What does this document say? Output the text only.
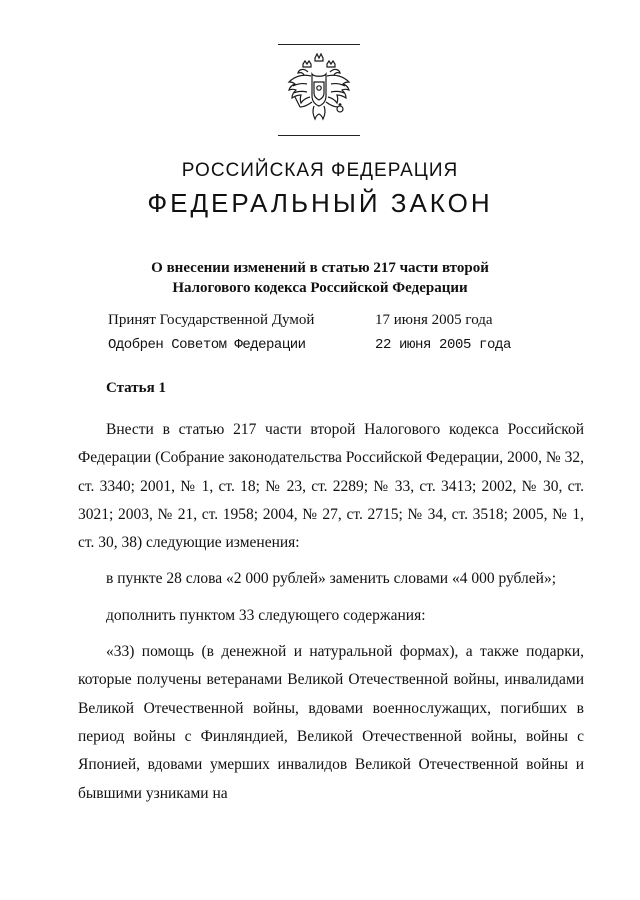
РОССИЙСКАЯ ФЕДЕРАЦИЯ
ФЕДЕРАЛЬНЫЙ ЗАКОН
О внесении изменений в статью 217 части второй
Налогового кодекса Российской Федерации
Принят Государственной Думой	17 июня 2005 года
Одобрен Советом Федерации	22 июня 2005 года
Статья 1

Внести в статью 217 части второй Налогового кодекса Российской Федерации (Собрание законодательства Российской Федерации, 2000, № 32, ст. 3340; 2001, № 1, ст. 18; № 23, ст. 2289; № 33, ст. 3413; 2002, № 30, ст. 3021; 2003, № 21, ст. 1958; 2004, № 27, ст. 2715; № 34, ст. 3518; 2005, № 1, ст. 30, 38) следующие изменения:

в пункте 28 слова «2 000 рублей» заменить словами «4 000 рублей»;

дополнить пунктом 33 следующего содержания:

«33) помощь (в денежной и натуральной формах), а также подарки, которые получены ветеранами Великой Отечественной войны, инвалидами Великой Отечественной войны, вдовами военнослужащих, погибших в период войны с Финляндией, Великой Отечественной войны, войны с Японией, вдовами умерших инвалидов Великой Отечественной войны и бывшими узниками на
